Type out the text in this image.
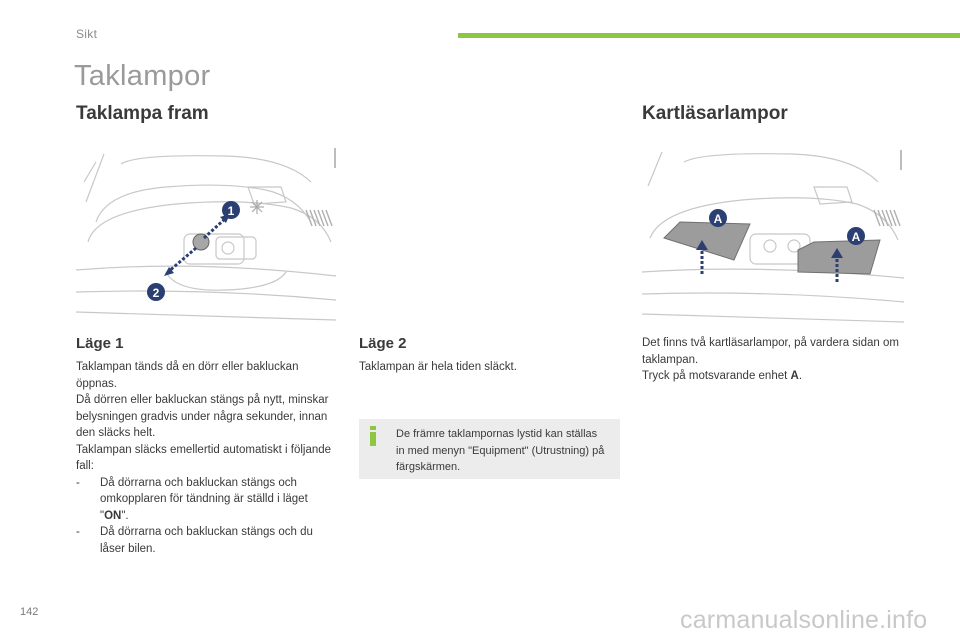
Sikt
Taklampor
Taklampa fram	Kartläsarlampor
1
2
A
A
Läge 1

Taklampan tänds då en dörr eller bakluckan öppnas.

Då dörren eller bakluckan stängs på nytt, minskar belysningen gradvis under några sekunder, innan den släcks helt.

Taklampan släcks emellertid automatiskt i följande fall:

-	Då dörrarna och bakluckan stängs och omkopplaren för tändning är ställd i läget "ON".
-	Då dörrarna och bakluckan stängs och du låser bilen.
Läge 2
Taklampan är hela tiden släckt.
De främre taklampornas lystid kan ställas in med menyn "Equipment" (Utrustning) på färgskärmen.

Det finns två kartläsarlampor, på vardera sidan om taklampan.

Tryck på motsvarande enhet A.

142	carmanualsonline.info
